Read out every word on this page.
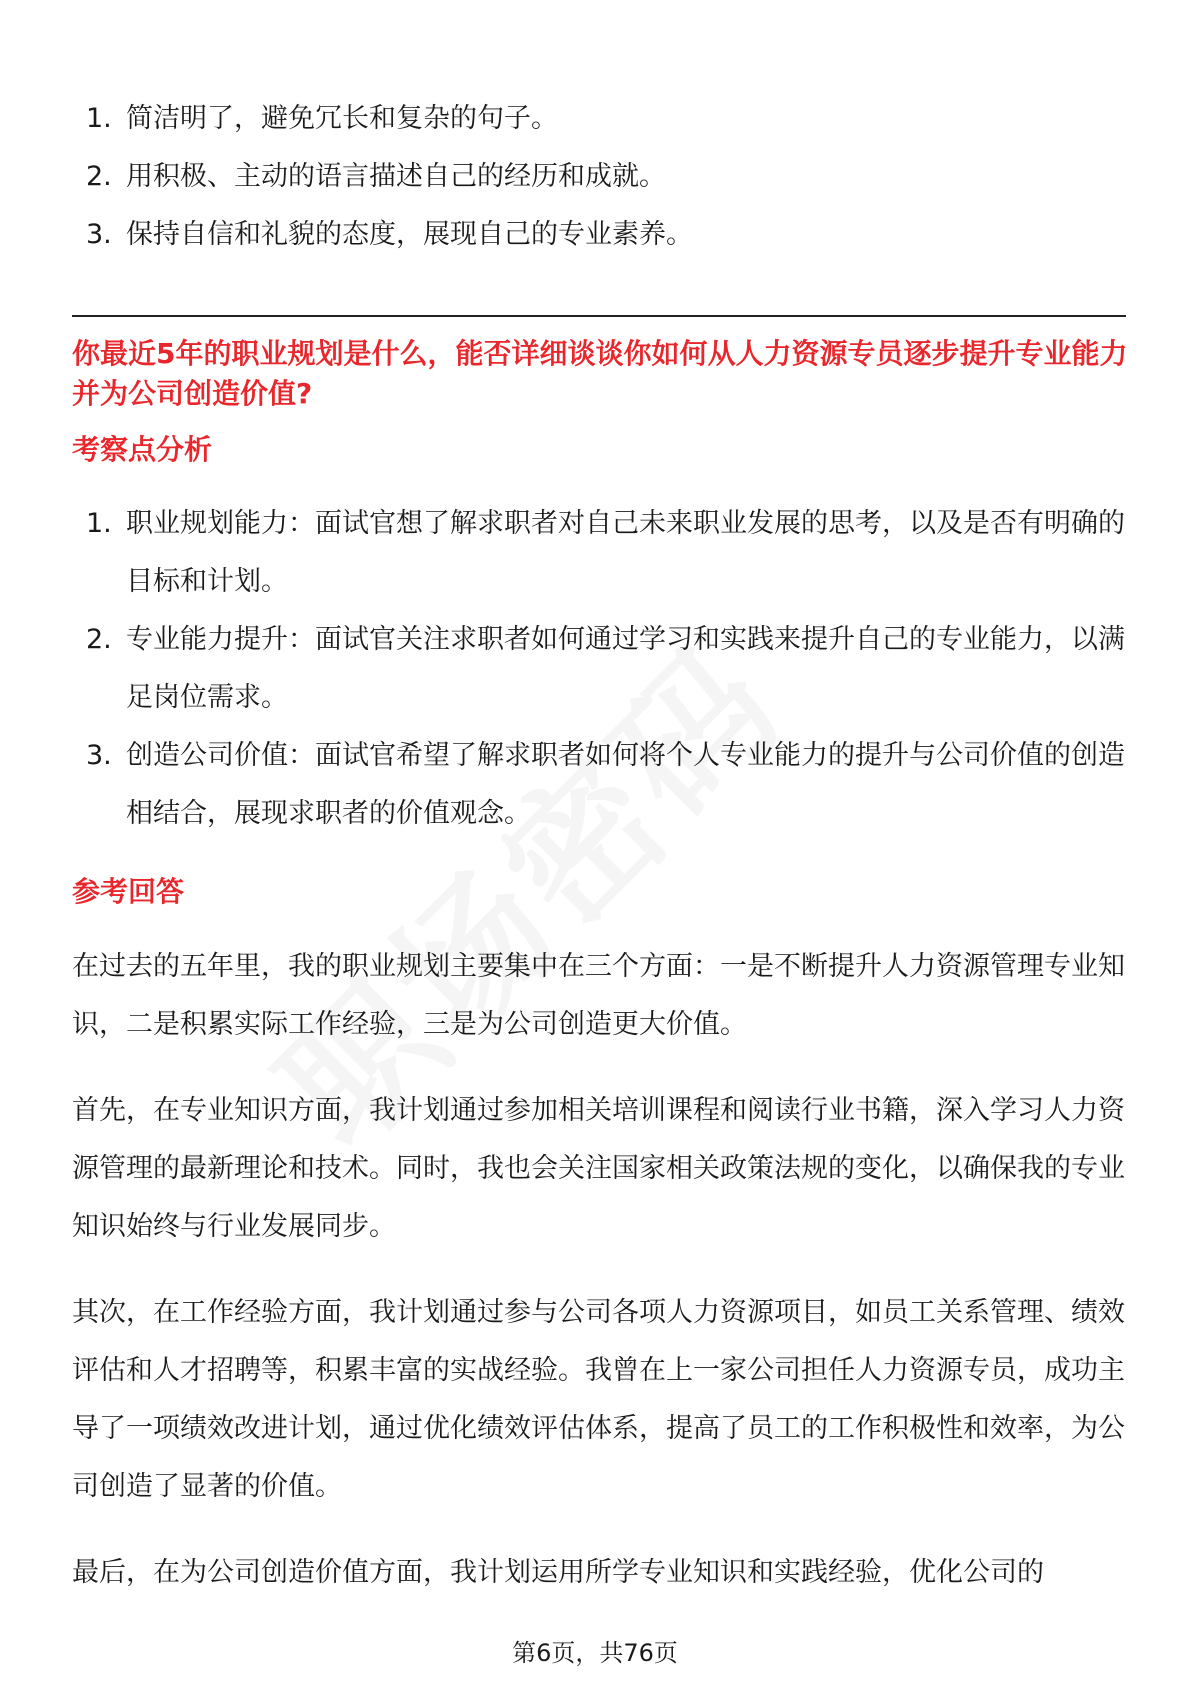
1. 简洁明了，避免冗长和复杂的句子。
2. 用积极、主动的语言描述自己的经历和成就。
3. 保持自信和礼貌的态度，展现自己的专业素养。
你最近5年的职业规划是什么，能否详细谈谈你如何从人力资源专员逐步提升专业能力并为公司创造价值?
考察点分析
1. 职业规划能力：面试官想了解求职者对自己未来职业发展的思考，以及是否有明确的目标和计划。
2. 专业能力提升：面试官关注求职者如何通过学习和实践来提升自己的专业能力，以满足岗位需求。
3. 创造公司价值：面试官希望了解求职者如何将个人专业能力的提升与公司价值的创造相结合，展现求职者的价值观念。
参考回答

在过去的五年里，我的职业规划主要集中在三个方面：一是不断提升人力资源管理专业知识，二是积累实际工作经验，三是为公司创造更大价值。

首先，在专业知识方面，我计划通过参加相关培训课程和阅读行业书籍，深入学习人力资源管理的最新理论和技术。同时，我也会关注国家相关政策法规的变化，以确保我的专业知识始终与行业发展同步。

其次，在工作经验方面，我计划通过参与公司各项人力资源项目，如员工关系管理、绩效评估和人才招聘等，积累丰富的实战经验。我曾在上一家公司担任人力资源专员，成功主导了一项绩效改进计划，通过优化绩效评估体系，提高了员工的工作积极性和效率，为公司创造了显著的价值。

最后，在为公司创造价值方面，我计划运用所学专业知识和实践经验，优化公司的

第6页，共76页
